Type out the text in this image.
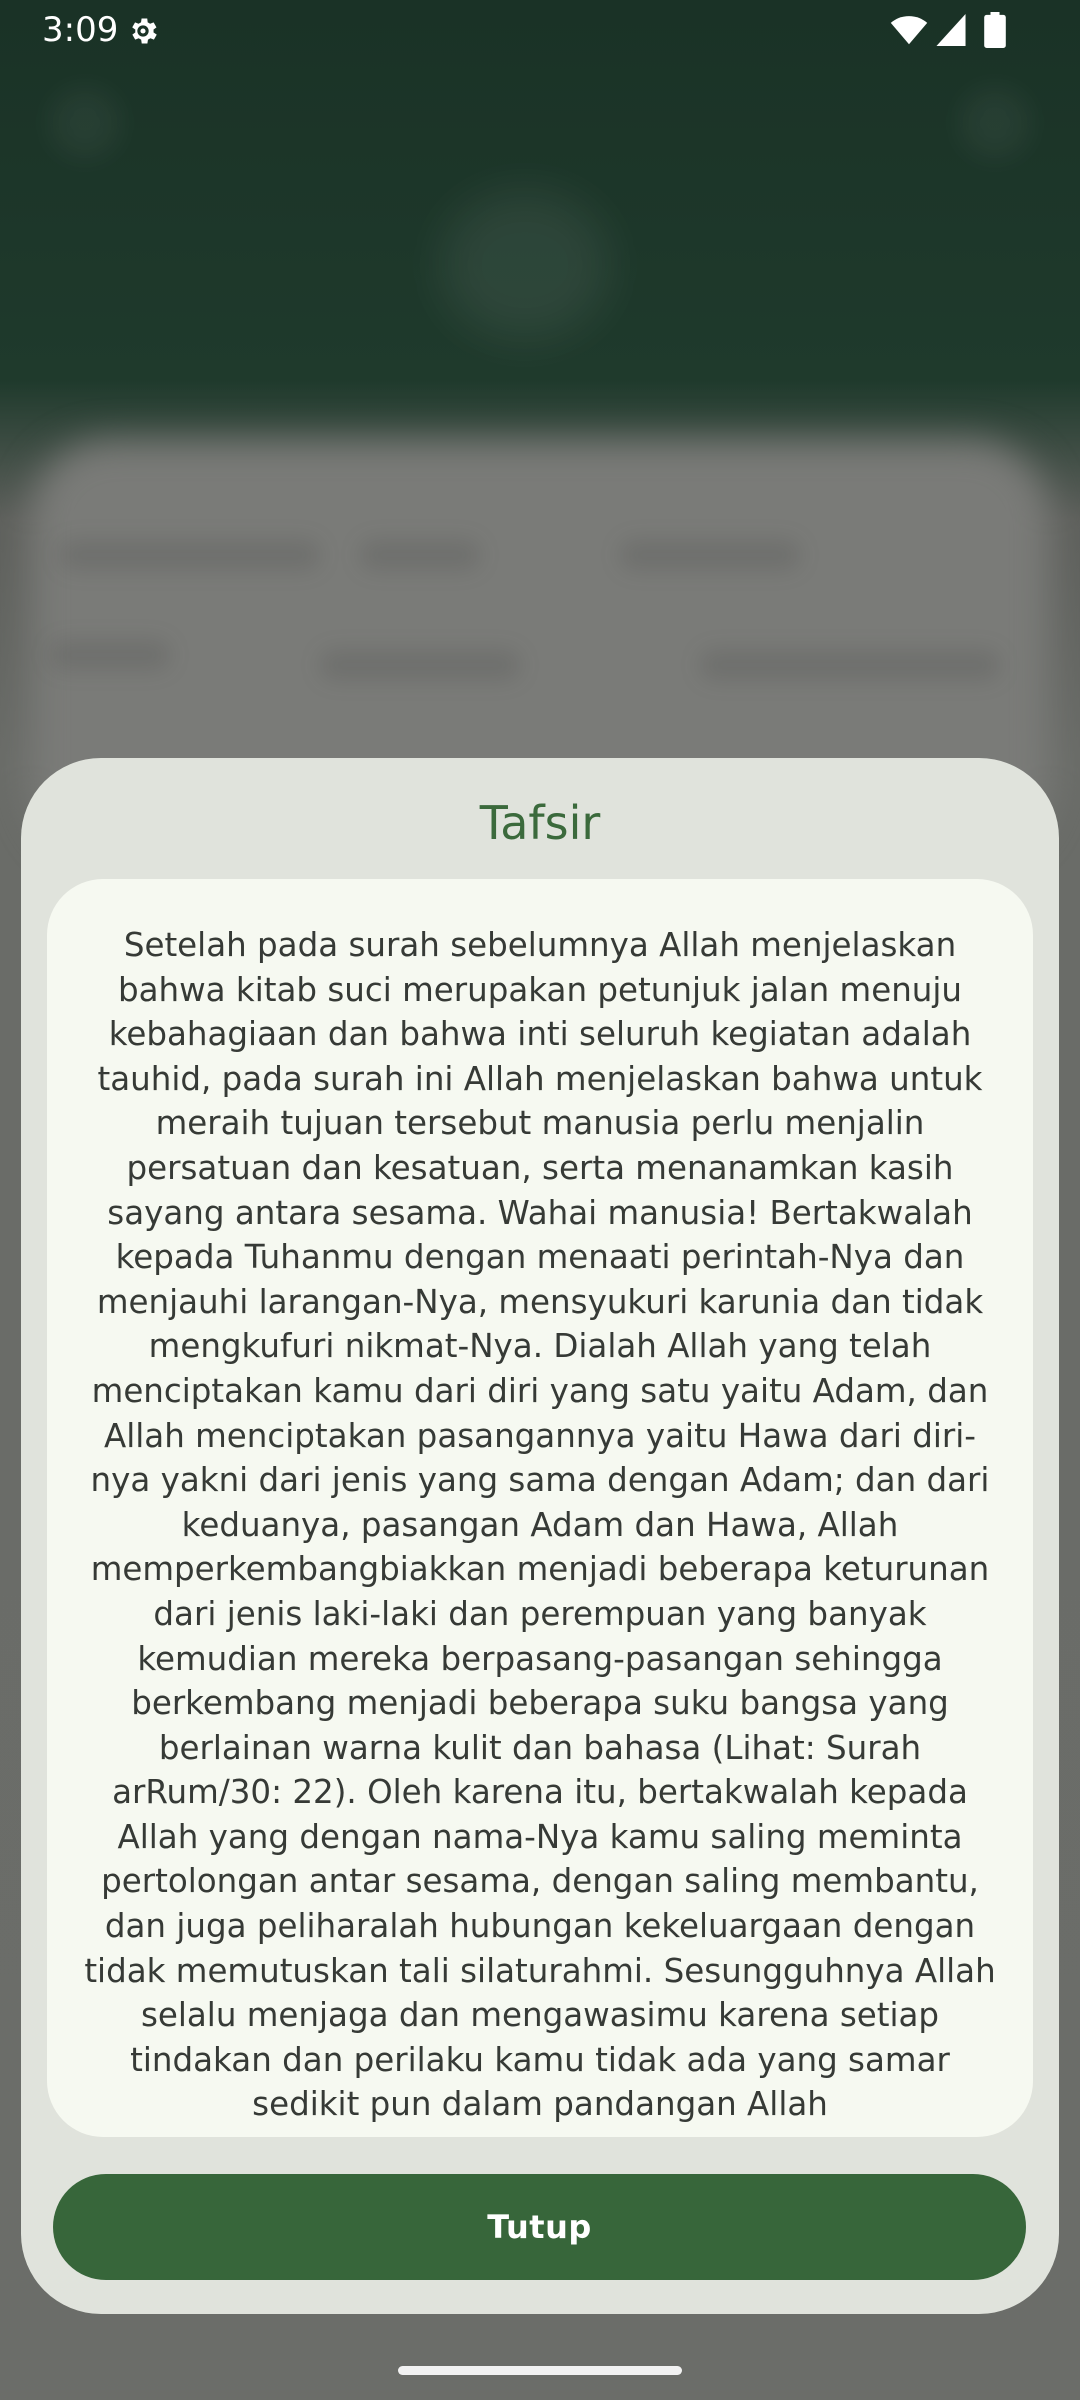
3:09
Tafsir

Setelah pada surah sebelumnya Allah menjelaskan bahwa kitab suci merupakan petunjuk jalan menuju kebahagiaan dan bahwa inti seluruh kegiatan adalah tauhid, pada surah ini Allah menjelaskan bahwa untuk meraih tujuan tersebut manusia perlu menjalin persatuan dan kesatuan, serta menanamkan kasih sayang antara sesama. Wahai manusia! Bertakwalah kepada Tuhanmu dengan menaati perintah-Nya dan menjauhi larangan-Nya, mensyukuri karunia dan tidak mengkufuri nikmat-Nya. Dialah Allah yang telah menciptakan kamu dari diri yang satu yaitu Adam, dan Allah menciptakan pasangannya yaitu Hawa dari diri-nya yakni dari jenis yang sama dengan Adam; dan dari keduanya, pasangan Adam dan Hawa, Allah memperkembangbiakkan menjadi beberapa keturunan dari jenis laki-laki dan perempuan yang banyak kemudian mereka berpasang-pasangan sehingga berkembang menjadi beberapa suku bangsa yang berlainan warna kulit dan bahasa (Lihat: Surah arRum/30: 22). Oleh karena itu, bertakwalah kepada Allah yang dengan nama-Nya kamu saling meminta pertolongan antar sesama, dengan saling membantu, dan juga peliharalah hubungan kekeluargaan dengan tidak memutuskan tali silaturahmi. Sesungguhnya Allah selalu menjaga dan mengawasimu karena setiap tindakan dan perilaku kamu tidak ada yang samar sedikit pun dalam pandangan Allah

Tutup
